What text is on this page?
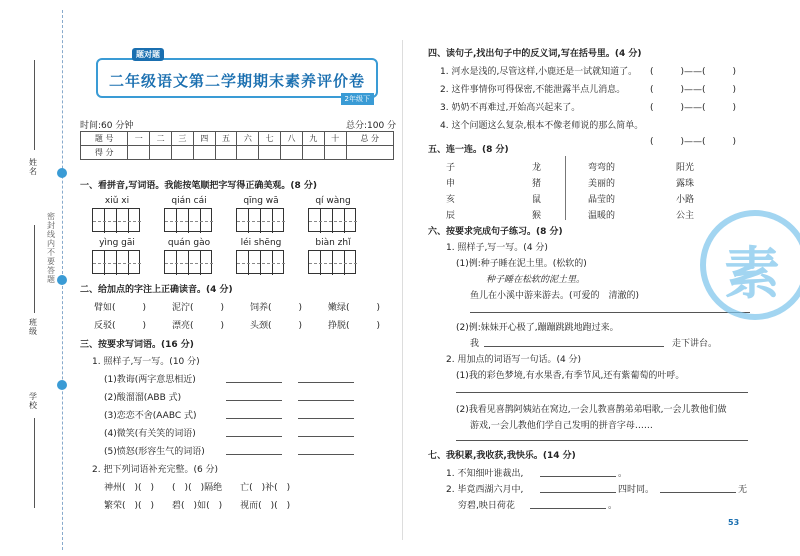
姓名
班级
学校
密封线内不要答题
二年级语文第二学期期末素养评价卷
2年级下
题对题
时间:60 分钟	总分:100 分
题 号	一	二	三	四	五	六	七	八	九	十	总 分
得 分											
一、看拼音,写词语。我能按笔顺把字写得正确美观。(8 分)
xiǔ xi	qián cái	qīng wā	qí wàng
yìng gāi	quán gào	léi shēng	biàn zhǐ
二、给加点的字注上正确读音。(4 分)
臂如(　　　)	泥泞(　　　)	饲养(　　　)	嫩绿(　　　)
反驳(　　　)	漂亮(　　　)	头颈(　　　)	挣脱(　　　)
三、按要求写词语。(16 分)
1. 照样子,写一写。(10 分)
(1)教诲(两字意思相近)
(2)酸溜溜(ABB 式)
(3)恋恋不舍(AABC 式)
(4)微笑(有关笑的词语)
(5)愤怒(形容生气的词语)
2. 把下列词语补充完整。(6 分)
神州(　)(　)　　(　)(　)隔绝　　亡(　)补(　)
繁荣(　)(　)　　碧(　)如(　)　　视而(　)(　)
四、读句子,找出句子中的反义词,写在括号里。(4 分)
1. 河水是浅的,尽管这样,小鹿还是一试就知道了。 (　　　)——(　　　)
2. 这件事情你可得保密,不能泄露半点儿消息。	(　　　)——(　　　)
3. 奶奶不再难过,开始高兴起来了。	(　　　)——(　　　)
4. 这个问题这么复杂,根本不像老师说的那么简单。
(　　　)——(　　　)
五、连一连。(8 分)
子
申
亥
辰
龙
猪
鼠
猴
弯弯的
美丽的
晶莹的
温暖的
阳光
露珠
小路
公主
六、按要求完成句子练习。(8 分)
1. 照样子,写一写。(4 分)
(1)例:种子睡在泥土里。(松软的)
种子睡在松软的泥土里。
鱼儿在小溪中游来游去。(可爱的　清澈的)
(2)例:妹妹开心极了,蹦蹦跳跳地跑过来。
我	走下讲台。
2. 用加点的词语写一句话。(4 分)
(1)我的彩色梦境,有水果香,有季节风,还有紫葡萄的叶呼。
(2)我看见喜鹊阿姨站在窝边,一会儿教喜鹊弟弟唱歌,一会儿教他们做
游戏,一会儿教他们学自己发明的拼音字母……
七、我积累,我收获,我快乐。(14 分)
1. 不知细叶谁裁出,	。
2. 毕竟西湖六月中,	四时同。	无
穷碧,映日荷花	。
素
53
